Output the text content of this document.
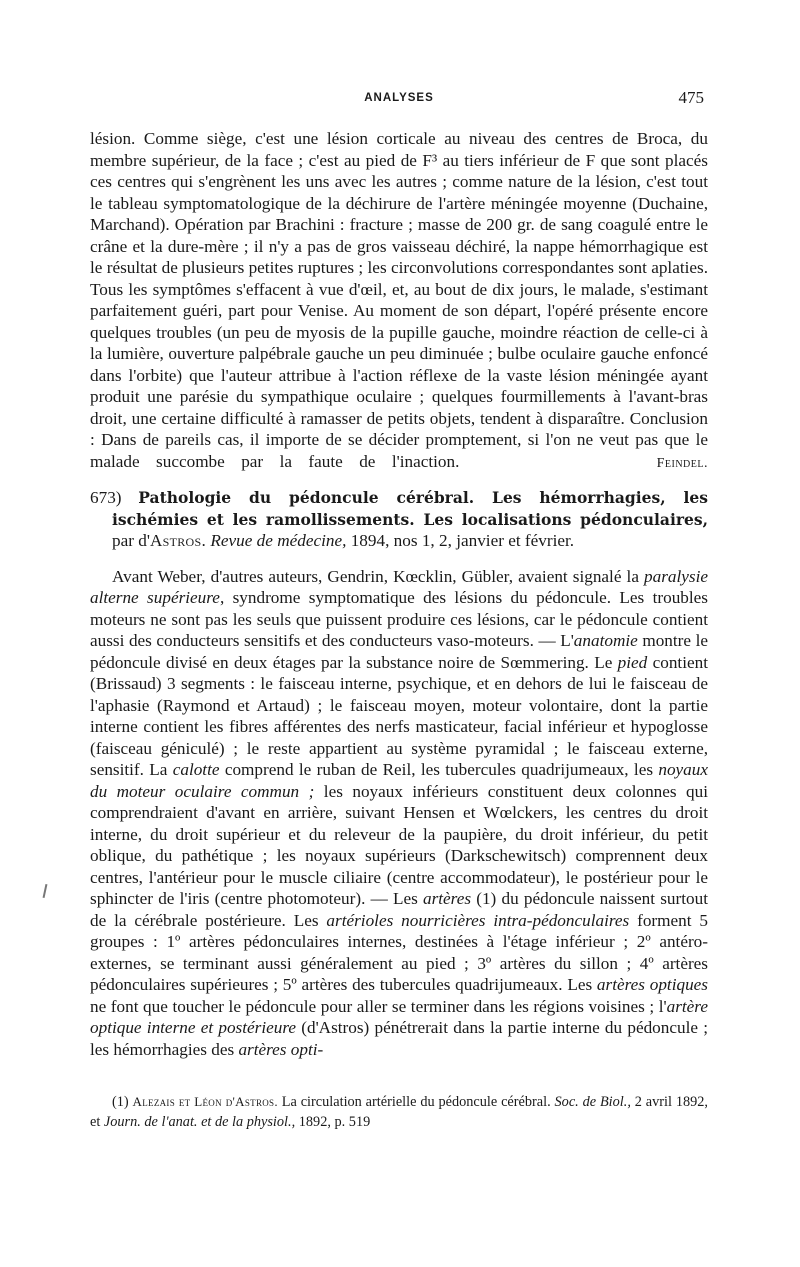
ANALYSES	475

lésion. Comme siège, c'est une lésion corticale au niveau des centres de Broca, du membre supérieur, de la face ; c'est au pied de F³ au tiers inférieur de F que sont placés ces centres qui s'engrènent les uns avec les autres ; comme nature de la lésion, c'est tout le tableau symptomatologique de la déchirure de l'artère méningée moyenne (Duchaine, Marchand). Opération par Brachini : fracture ; masse de 200 gr. de sang coagulé entre le crâne et la dure-mère ; il n'y a pas de gros vaisseau déchiré, la nappe hémorrhagique est le résultat de plusieurs petites ruptures ; les circonvolutions correspondantes sont aplaties. Tous les symptômes s'effacent à vue d'œil, et, au bout de dix jours, le malade, s'estimant parfaitement guéri, part pour Venise. Au moment de son départ, l'opéré présente encore quelques troubles (un peu de myosis de la pupille gauche, moindre réaction de celle-ci à la lumière, ouverture palpébrale gauche un peu diminuée ; bulbe oculaire gauche enfoncé dans l'orbite) que l'auteur attribue à l'action réflexe de la vaste lésion méningée ayant produit une parésie du sympathique oculaire ; quelques fourmillements à l'avant-bras droit, une certaine difficulté à ramasser de petits objets, tendent à disparaître. Conclusion : Dans de pareils cas, il importe de se décider promptement, si l'on ne veut pas que le malade succombe par la faute de l'inaction.	Feindel.

673) Pathologie du pédoncule cérébral. Les hémorrhagies, les ischémies et les ramollissements. Les localisations pédonculaires, par d'Astros. Revue de médecine, 1894, nos 1, 2, janvier et février.

Avant Weber, d'autres auteurs, Gendrin, Kœcklin, Gübler, avaient signalé la paralysie alterne supérieure, syndrome symptomatique des lésions du pédoncule. Les troubles moteurs ne sont pas les seuls que puissent produire ces lésions, car le pédoncule contient aussi des conducteurs sensitifs et des conducteurs vaso-moteurs. — L'anatomie montre le pédoncule divisé en deux étages par la substance noire de Sœmmering. Le pied contient (Brissaud) 3 segments : le faisceau interne, psychique, et en dehors de lui le faisceau de l'aphasie (Raymond et Artaud) ; le faisceau moyen, moteur volontaire, dont la partie interne contient les fibres afférentes des nerfs masticateur, facial inférieur et hypoglosse (faisceau géniculé) ; le reste appartient au système pyramidal ; le faisceau externe, sensitif. La calotte comprend le ruban de Reil, les tubercules quadrijumeaux, les noyaux du moteur oculaire commun ; les noyaux inférieurs constituent deux colonnes qui comprendraient d'avant en arrière, suivant Hensen et Wœlckers, les centres du droit interne, du droit supérieur et du releveur de la paupière, du droit inférieur, du petit oblique, du pathétique ; les noyaux supérieurs (Darkschewitsch) comprennent deux centres, l'antérieur pour le muscle ciliaire (centre accommodateur), le postérieur pour le sphincter de l'iris (centre photomoteur). — Les artères (1) du pédoncule naissent surtout de la cérébrale postérieure. Les artérioles nourricières intra-pédonculaires forment 5 groupes : 1º artères pédonculaires internes, destinées à l'étage inférieur ; 2º antéro-externes, se terminant aussi généralement au pied ; 3º artères du sillon ; 4º artères pédonculaires supérieures ; 5º artères des tubercules quadrijumeaux. Les artères optiques ne font que toucher le pédoncule pour aller se terminer dans les régions voisines ; l'artère optique interne et postérieure (d'Astros) pénétrerait dans la partie interne du pédoncule ; les hémorrhagies des artères opti-

(1) Alezais et Léon d'Astros. La circulation artérielle du pédoncule cérébral. Soc. de Biol., 2 avril 1892, et Journ. de l'anat. et de la physiol., 1892, p. 519
